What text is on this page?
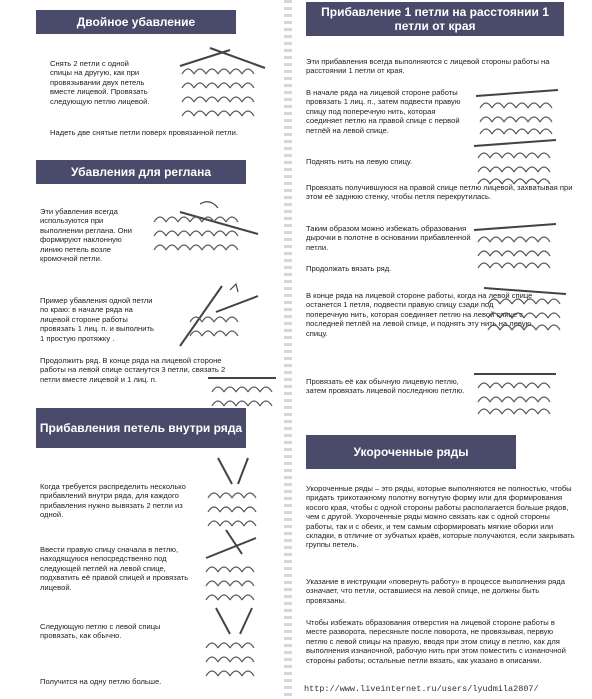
Двойное убавление
Снять 2 петли с одной спицы на другую, как при провязывании двух петель вместе лицевой. Провязать следующую петлю лицевой.
Надеть две снятые петли поверх провязанной петли.
Убавления для реглана
Эти убавления всегда используются при выполнении реглана. Они формируют наклонную линию петель возле кромочной петли.
Пример убавления одной петли по краю: в начале ряда на лицевой стороне работы провязать 1 лиц. п. и выполнить 1 простую протяжку .
Продолжить ряд. В конце ряда на лицевой стороне работы на левой спице останутся 3 петли, связать 2 петли вместе лицевой и 1 лиц. п.
Прибавления петель внутри ряда
Когда требуется распределить несколько прибавлений внутри ряда, для каждого прибавления нужно вывязать 2 петли из одной.
Ввести правую спицу сначала в петлю, находящуюся непосредственно под следующей петлёй на левой спице, подхватить её правой спицей и провязать лицевой.
Следующую петлю с левой спицы провязать, как обычно.
Получится на одну петлю больше.
Прибавление 1 петли на расстоянии 1 петли от края
Эти прибавления всегда выполняются с лицевой стороны работы на расстоянии 1 петли от края.
В начале ряда на лицевой стороне работы провязать 1 лиц. п., затем подвести правую спицу под поперечную нить, которая соединяет петлю на правой спице с первой петлёй на левой спице.
Поднять нить на левую спицу.
Провязать получившуюся на правой спице петлю лицевой, захватывая при этом её заднюю стенку, чтобы петля перекрутилась.
Таким образом можно избежать образования дырочки в полотне в основании прибавленной петли.
Продолжать вязать ряд.
В конце ряда на лицевой стороне работы, когда на левой спице останется 1 петля, подвести правую спицу сзади под поперечную нить, которая соединяет петлю на левой спице с последней петлёй на левой спице, и поднять эту нить на левую спицу.
Провязать её как обычную лицевую петлю, затем провязать лицевой последнюю петлю.
Укороченные ряды
Укороченные ряды – это ряды, которые выполняются не полностью, чтобы придать трикотажному полотну вогнутую форму или для формирования косого края, чтобы с одной стороны работы располагается больше рядов, чем с другой. Укороченные ряды можно связать как с одной стороны работы, так и с обеих, и тем самым сформировать мягкие оборки или складки, в отличие от зубчатых краёв, которые получаются, если закрывать группы петель.
Указание в инструкции «повернуть работу» в процессе выполнения ряда означает, что петли, оставшиеся на левой спице, не должны быть провязаны.
Чтобы избежать образования отверстия на лицевой стороне работы в месте разворота, пересяньте после поворота, не провязывая, первую петлю с левой спицы на правую, вводя при этом спицу в петлю, как для выполнения изнаночной, рабочую нить при этом поместить с изнаночной стороны работы; остальные петли вязать, как указано в описании.
http://www.liveinternet.ru/users/lyudmila2807/
